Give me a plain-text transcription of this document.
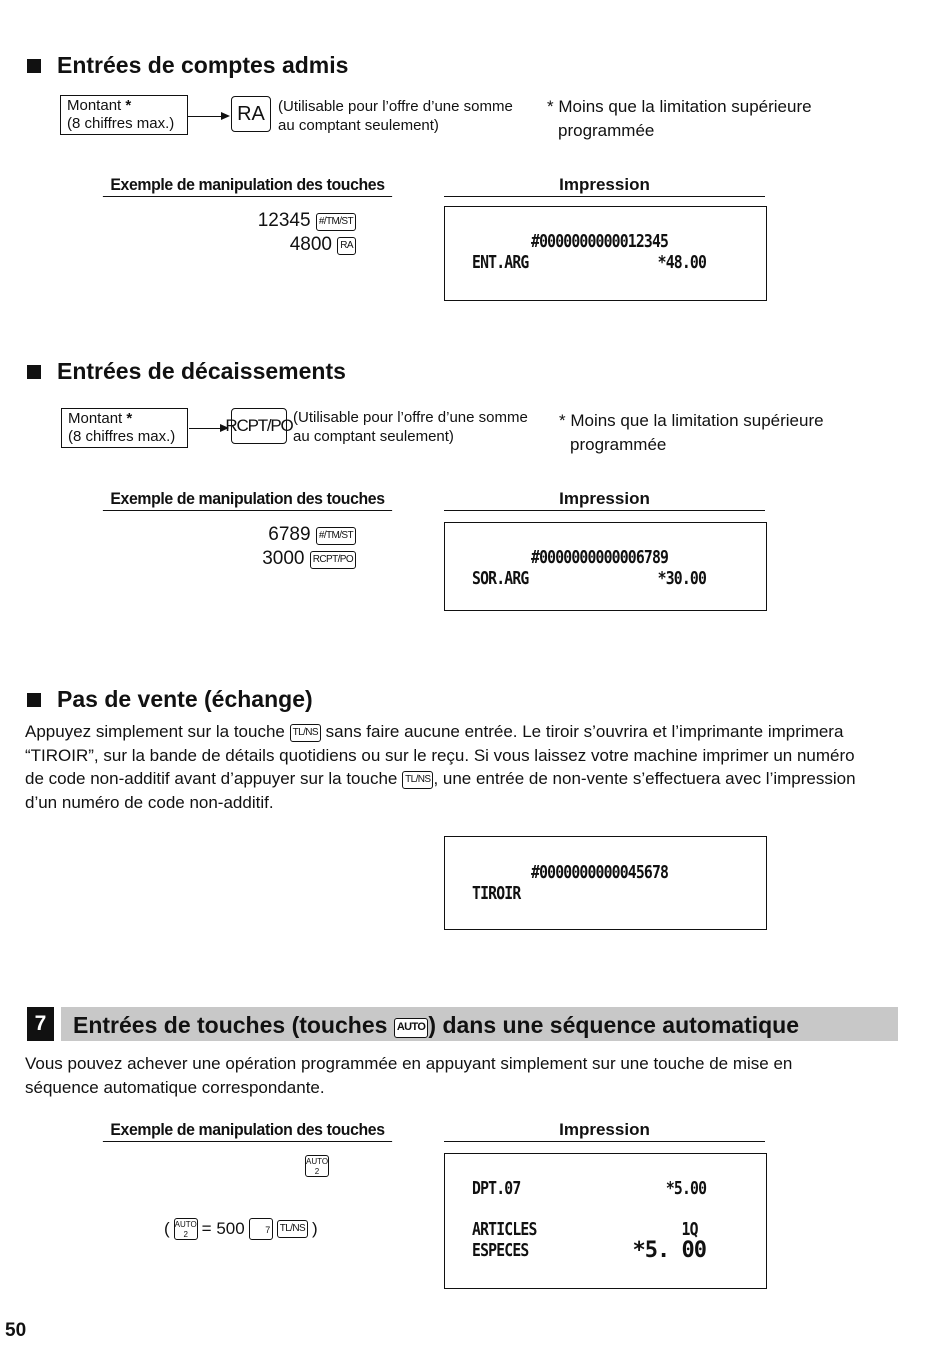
Entrées de comptes admis
Montant *
(8 chiffres max.)	RA (Utilisable pour l’offre d’une somme
au comptant seulement)
* Moins que la limitation supérieure
programmée
Exemple de manipulation des touches	Impression
12345 #/TM/ST
4800 RA	#0000000000012345
ENT.ARG	*48.00
Entrées de décaissements
Montant *
(8 chiffres max.)
RCPT/PO (Utilisable pour l’offre d’une somme
au comptant seulement)
* Moins que la limitation supérieure
programmée
Exemple de manipulation des touches	Impression
6789 #/TM/ST
3000 RCPT/PO	#0000000000006789
SOR.ARG	*30.00
Pas de vente (échange)
Appuyez simplement sur la touche TL/NS sans faire aucune entrée. Le tiroir s’ouvrira et l’imprimante imprimera
“TIROIR”, sur la bande de détails quotidiens ou sur le reçu. Si vous laissez votre machine imprimer un numéro
de code non-additif avant d’appuyer sur la touche TL/NS , une entrée de non-vente s’effectuera avec l’impression
d’un numéro de code non-additif.
#0000000000045678
TIROIR
7 Entrées de touches (touches AUTO ) dans une séquence automatique
Vous pouvez achever une opération programmée en appuyant simplement sur une touche de mise en
séquence automatique correspondante.
Exemple de manipulation des touches	Impression
AUTO
2
( AUTO
2 = 500	7	TL/NS )
DPT.07	*5.00
ARTICLES	1Q
ESPECES	*5. 00
50
